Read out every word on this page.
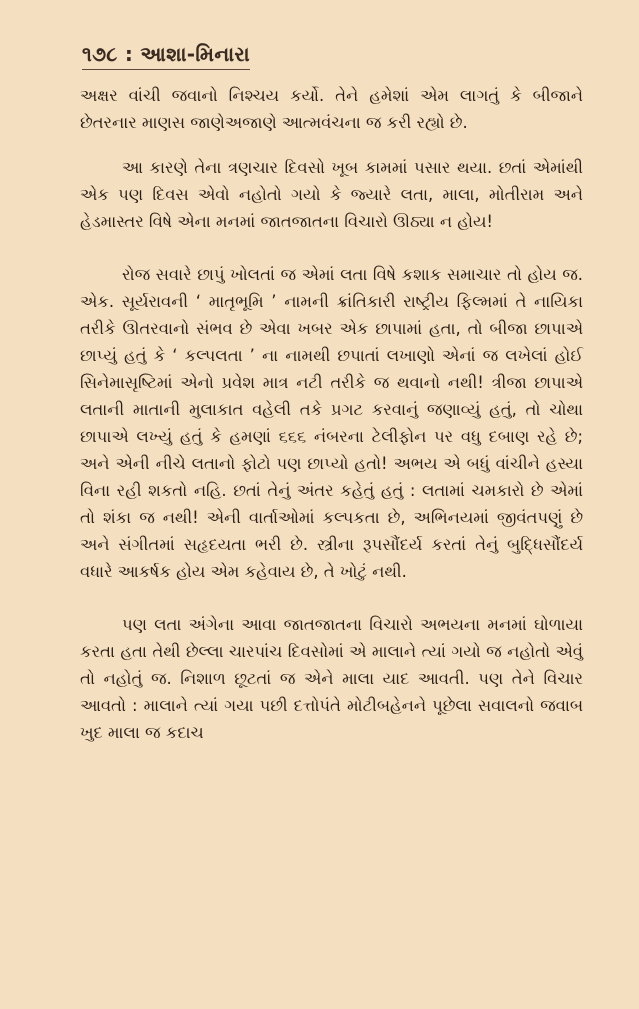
૧૭૮ : આશા-મિનારા

અક્ષર વાંચી જવાનો નિશ્ચય કર્યો. તેને હમેશાં એમ લાગતું કે બીજાને છેતરનાર માણસ જાણેઅજાણે આત્મવંચના જ કરી રહ્યો છે.

આ કારણે તેના ત્રણચાર દિવસો ખૂબ કામમાં પસાર થયા. છતાં એમાંથી એક પણ દિવસ એવો નહોતો ગયો કે જ્યારે લતા, માલા, મોતીરામ અને હેડમાસ્તર વિષે એના મનમાં જાતજાતના વિચારો ઊઠ્યા ન હોય!

રોજ સવારે છાપું ખોલતાં જ એમાં લતા વિષે કશાક સમાચાર તો હોય જ. એક. સૂર્યરાવની ‘ માતૃભૂમિ ’ નામની ક્રાંતિકારી રાષ્ટ્રીય ફિલ્મમાં તે નાયિકા તરીકે ઊતરવાનો સંભવ છે એવા ખબર એક છાપામાં હતા, તો બીજા છાપાએ છાપ્યું હતું કે ‘ કલ્પલતા ’ ના નામથી છપાતાં લખાણો એનાં જ લખેલાં હોઈ સિનેમાસૃષ્ટિમાં એનો પ્રવેશ માત્ર નટી તરીકે જ થવાનો નથી! ત્રીજા છાપાએ લતાની માતાની મુલાકાત વહેલી તકે પ્રગટ કરવાનું જણાવ્યું હતું, તો ચોથા છાપાએ લખ્યું હતું કે હમણાં ૬૬૬ નંબરના ટેલીફોન પર વધુ દબાણ રહે છે; અને એની નીચે લતાનો ફોટો પણ છાપ્યો હતો! અભય એ બધું વાંચીને હસ્યા વિના રહી શકતો નહિ. છતાં તેનું અંતર કહેતું હતું : લતામાં ચમકારો છે એમાં તો શંકા જ નથી! એની વાર્તાઓમાં કલ્પકતા છે, અભિનયમાં જીવંતપણું છે અને સંગીતમાં સહૃદયતા ભરી છે. સ્ત્રીના રૂપસૌંદર્ય કરતાં તેનું બુદ્ધિસૌંદર્ય વધારે આકર્ષક હોય એમ કહેવાય છે, તે ખોટું નથી.

પણ લતા અંગેના આવા જાતજાતના વિચારો અભયના મનમાં ઘોળાયા કરતા હતા તેથી છેલ્લા ચારપાંચ દિવસોમાં એ માલાને ત્યાં ગયો જ નહોતો એવું તો નહોતું જ. નિશાળ છૂટતાં જ એને માલા યાદ આવતી. પણ તેને વિચાર આવતો : માલાને ત્યાં ગયા પછી દત્તોપંતે મોટીબહેનને પૂછેલા સવાલનો જવાબ ખુદ માલા જ કદાચ
